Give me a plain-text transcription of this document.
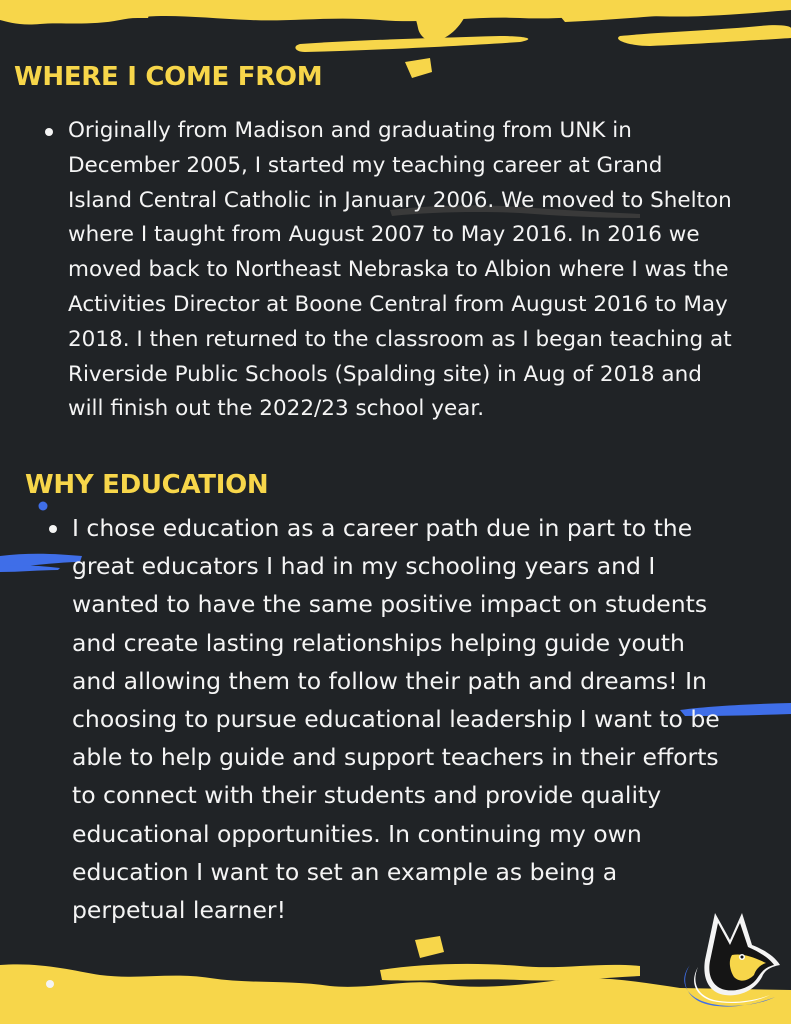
WHERE I COME FROM
Originally from Madison and graduating from UNK in December 2005, I started my teaching career at Grand Island Central Catholic in January 2006. We moved to Shelton where I taught from August 2007 to May 2016. In 2016 we moved back to Northeast Nebraska to Albion where I was the Activities Director at Boone Central from August 2016 to May 2018. I then returned to the classroom as I began teaching at Riverside Public Schools (Spalding site) in Aug of 2018 and will finish out the 2022/23 school year.
WHY EDUCATION
I chose education as a career path due in part to the great educators I had in my schooling years and I wanted to have the same positive impact on students and create lasting relationships helping guide youth and allowing them to follow their path and dreams! In choosing to pursue educational leadership I want to be able to help guide and support teachers in their efforts to connect with their students and provide quality educational opportunities. In continuing my own education I want to set an example as being a perpetual learner!
